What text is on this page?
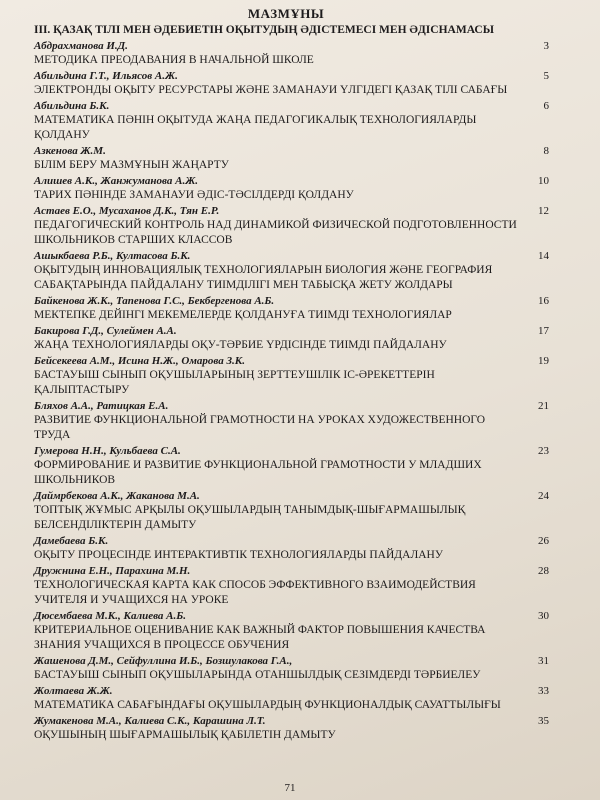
МАЗМҰНЫ
III. ҚАЗАҚ ТІЛІ МЕН ӘДЕБИЕТІН ОҚЫТУДЫҢ ӘДІСТЕМЕСІ МЕН ӘДІСНАМАСЫ
Абдрахманова И.Д.
МЕТОДИКА ПРЕОДАВАНИЯ В НАЧАЛЬНОЙ ШКОЛЕ
3
Абильдина Г.Т., Ильясов А.Ж.
ЭЛЕКТРОНДЫ ОҚЫТУ РЕСУРСТАРЫ ЖӘНЕ ЗАМАНАУИ ҮЛГІДЕГІ ҚАЗАҚ ТІЛІ САБАҒЫ
5
Абильдина Б.К.
МАТЕМАТИКА ПӘНІН ОҚЫТУДА ЖАҢА ПЕДАГОГИКАЛЫҚ ТЕХНОЛОГИЯЛАРДЫ ҚОЛДАНУ
6
Азкенова Ж.М.
БІЛІМ БЕРУ МАЗМҰНЫН ЖАҢАРТУ
8
Алишев А.К., Жанжуманова А.Ж.
ТАРИХ ПӘНІНДЕ ЗАМАНАУИ ӘДІС-ТӘСІЛДЕРДІ ҚОЛДАНУ
10
Астаев Е.О., Мусаханов Д.К., Тян Е.Р.
ПЕДАГОГИЧЕСКИЙ КОНТРОЛЬ НАД ДИНАМИКОЙ ФИЗИЧЕСКОЙ ПОДГОТОВЛЕННОСТИ ШКОЛЬНИКОВ СТАРШИХ КЛАССОВ
12
Ашыкбаева Р.Б., Култасова Б.К.
ОҚЫТУДЫҢ ИННОВАЦИЯЛЫҚ ТЕХНОЛОГИЯЛАРЫН БИОЛОГИЯ ЖӘНЕ ГЕОГРАФИЯ САБАҚТАРЫНДА ПАЙДАЛАНУ ТИІМДІЛІГІ МЕН ТАБЫСҚА ЖЕТУ ЖОЛДАРЫ
14
Байкенова Ж.К., Тапенова Г.С., Бекбергенова А.Б.
МЕКТЕПКЕ ДЕЙІНГІ МЕКЕМЕЛЕРДЕ ҚОЛДАНУҒА ТИІМДІ ТЕХНОЛОГИЯЛАР
16
Бакирова Г.Д., Сулеймен А.А.
ЖАҢА ТЕХНОЛОГИЯЛАРДЫ ОҚУ-ТӘРБИЕ ҮРДІСІНДЕ ТИІМДІ ПАЙДАЛАНУ
17
Бейсекеева А.М., Исина Н.Ж., Омарова З.К.
БАСТАУЫШ СЫНЫП ОҚУШЫЛАРЫНЫҢ ЗЕРТТЕУШІЛІК ІС-ӘРЕКЕТТЕРІН ҚАЛЫПТАСТЫРУ
19
Бляхов А.А., Ратицкая Е.А.
РАЗВИТИЕ ФУНКЦИОНАЛЬНОЙ ГРАМОТНОСТИ НА УРОКАХ ХУДОЖЕСТВЕННОГО ТРУДА
21
Гумерова Н.Н., Кульбаева С.А.
ФОРМИРОВАНИЕ И РАЗВИТИЕ ФУНКЦИОНАЛЬНОЙ ГРАМОТНОСТИ У МЛАДШИХ ШКОЛЬНИКОВ
23
Даймрбекова А.К., Жаканова М.А.
ТОПТЫҚ ЖҰМЫС АРҚЫЛЫ ОҚУШЫЛАРДЫҢ ТАНЫМДЫҚ-ШЫҒАРМАШЫЛЫҚ БЕЛСЕНДІЛІКТЕРІН ДАМЫТУ
24
Дамебаева Б.К.
ОҚЫТУ ПРОЦЕСІНДЕ ИНТЕРАКТИВТІК ТЕХНОЛОГИЯЛАРДЫ ПАЙДАЛАНУ
26
Дружнина Е.Н., Парахина М.Н.
ТЕХНОЛОГИЧЕСКАЯ КАРТА КАК СПОСОБ ЭФФЕКТИВНОГО ВЗАИМОДЕЙСТВИЯ УЧИТЕЛЯ И УЧАЩИХСЯ НА УРОКЕ
28
Дюсембаева М.К., Калиева А.Б.
КРИТЕРИАЛЬНОЕ ОЦЕНИВАНИЕ КАК ВАЖНЫЙ ФАКТОР ПОВЫШЕНИЯ КАЧЕСТВА ЗНАНИЯ УЧАЩИХСЯ В ПРОЦЕССЕ ОБУЧЕНИЯ
30
Жашенова Д.М., Сейфуллина И.Б., Бозшулакова Г.А.,
БАСТАУЫШ СЫНЫП ОҚУШЫЛАРЫНДА ОТАНШЫЛДЫҚ СЕЗІМДЕРДІ ТӘРБИЕЛЕУ
31
Жолтаева Ж.Ж.
МАТЕМАТИКА САБАҒЫНДАҒЫ ОҚУШЫЛАРДЫҢ ФУНКЦИОНАЛДЫҚ САУАТТЫЛЫҒЫ
33
Жумакенова М.А., Калиева С.К., Карашина Л.Т.
ОҚУШЫНЫҢ ШЫҒАРМАШЫЛЫҚ ҚАБІЛЕТІН ДАМЫТУ
35
71
